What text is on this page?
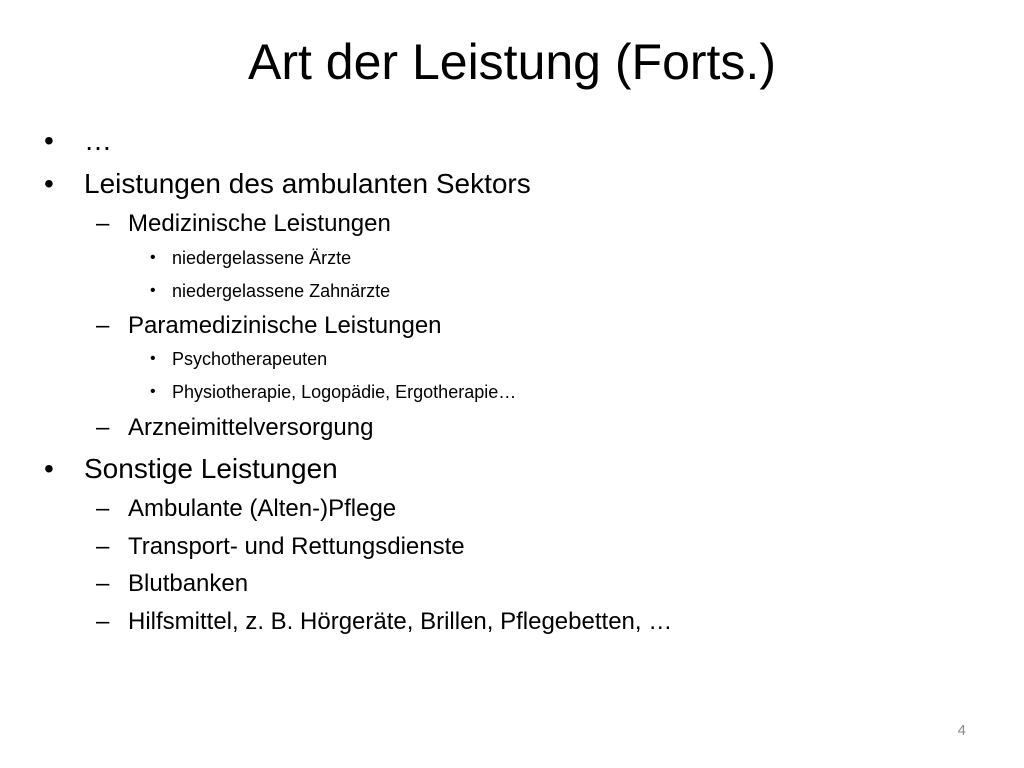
Art der Leistung (Forts.)
• …
• Leistungen des ambulanten Sektors
– Medizinische Leistungen
• niedergelassene Ärzte
• niedergelassene Zahnärzte
– Paramedizinische Leistungen
• Psychotherapeuten
• Physiotherapie, Logopädie, Ergotherapie…
– Arzneimittelversorgung
• Sonstige Leistungen
– Ambulante (Alten-)Pflege
– Transport- und Rettungsdienste
– Blutbanken
– Hilfsmittel, z. B. Hörgeräte, Brillen, Pflegebetten, …
4
